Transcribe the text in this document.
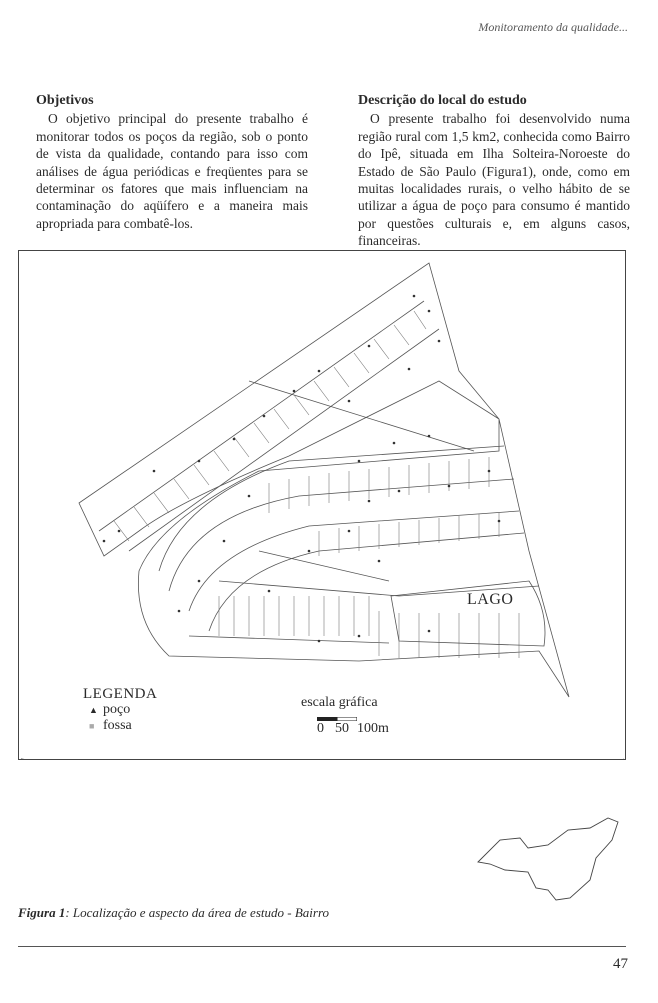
Monitoramento da qualidade...
Objetivos

O objetivo principal do presente trabalho é monitorar todos os poços da região, sob o ponto de vista da qualidade, contando para isso com análises de água periódicas e freqüentes para se determinar os fatores que mais influenciam na contaminação do aqüífero e a maneira mais apropriada para combatê-los.

Descrição do local do estudo

O presente trabalho foi desenvolvido numa região rural com 1,5 km2, conhecida como Bairro do Ipê, situada em Ilha Solteira-Noroeste do Estado de São Paulo (Figura1), onde, como em muitas localidades rurais, o velho hábito de se utilizar a água de poço para consumo é mantido por questões culturais e, em alguns casos, financeiras.

LAGO
LEGENDA
▲ poço
■ fossa
escala gráfica
0 50 100m
Figura 1: Localização e aspecto da área de estudo - Bairro
47
